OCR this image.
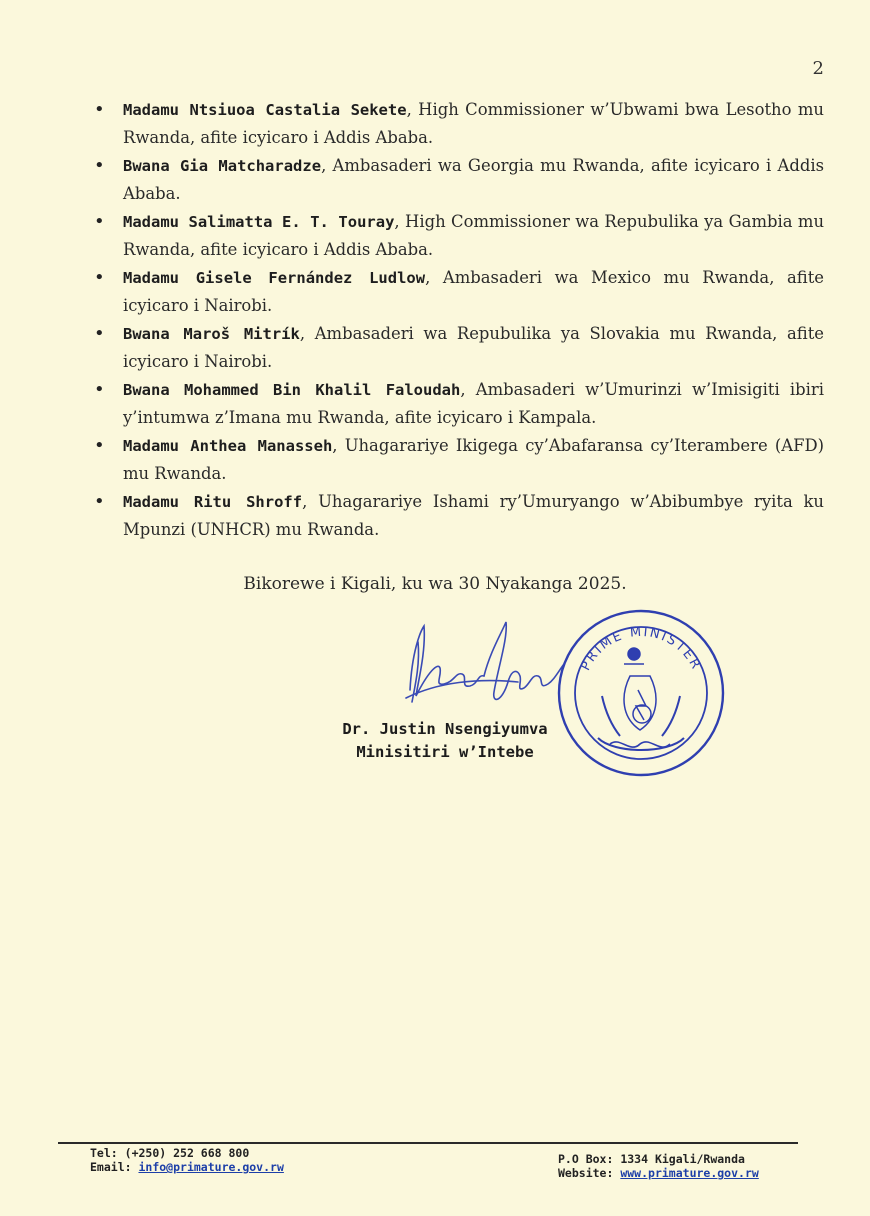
2
• Madamu Ntsiuoa Castalia Sekete, High Commissioner w’Ubwami bwa Lesotho mu Rwanda, afite icyicaro i Addis Ababa.
• Bwana Gia Matcharadze, Ambasaderi wa Georgia mu Rwanda, afite icyicaro i Addis Ababa.
• Madamu Salimatta E. T. Touray, High Commissioner wa Repubulika ya Gambia mu Rwanda, afite icyicaro i Addis Ababa.
• Madamu Gisele Fernández Ludlow, Ambasaderi wa Mexico mu Rwanda, afite icyicaro i Nairobi.
• Bwana Maroš Mitrík, Ambasaderi wa Repubulika ya Slovakia mu Rwanda, afite icyicaro i Nairobi.
• Bwana Mohammed Bin Khalil Faloudah, Ambasaderi w’Umurinzi w’Imisigiti ibiri y’intumwa z’Imana mu Rwanda, afite icyicaro i Kampala.
• Madamu Anthea Manasseh, Uhagarariye Ikigega cy’Abafaransa cy’Iterambere (AFD) mu Rwanda.
• Madamu Ritu Shroff, Uhagarariye Ishami ry’Umuryango w’Abibumbye ryita ku Mpunzi (UNHCR) mu Rwanda.
Bikorewe i Kigali, ku wa 30 Nyakanga 2025.
PRIME MINISTER
Dr. Justin Nsengiyumva
Minisitiri w’Intebe
Tel: (+250) 252 668 800
Email: info@primature.gov.rw
P.O Box: 1334 Kigali/Rwanda
Website: www.primature.gov.rw
